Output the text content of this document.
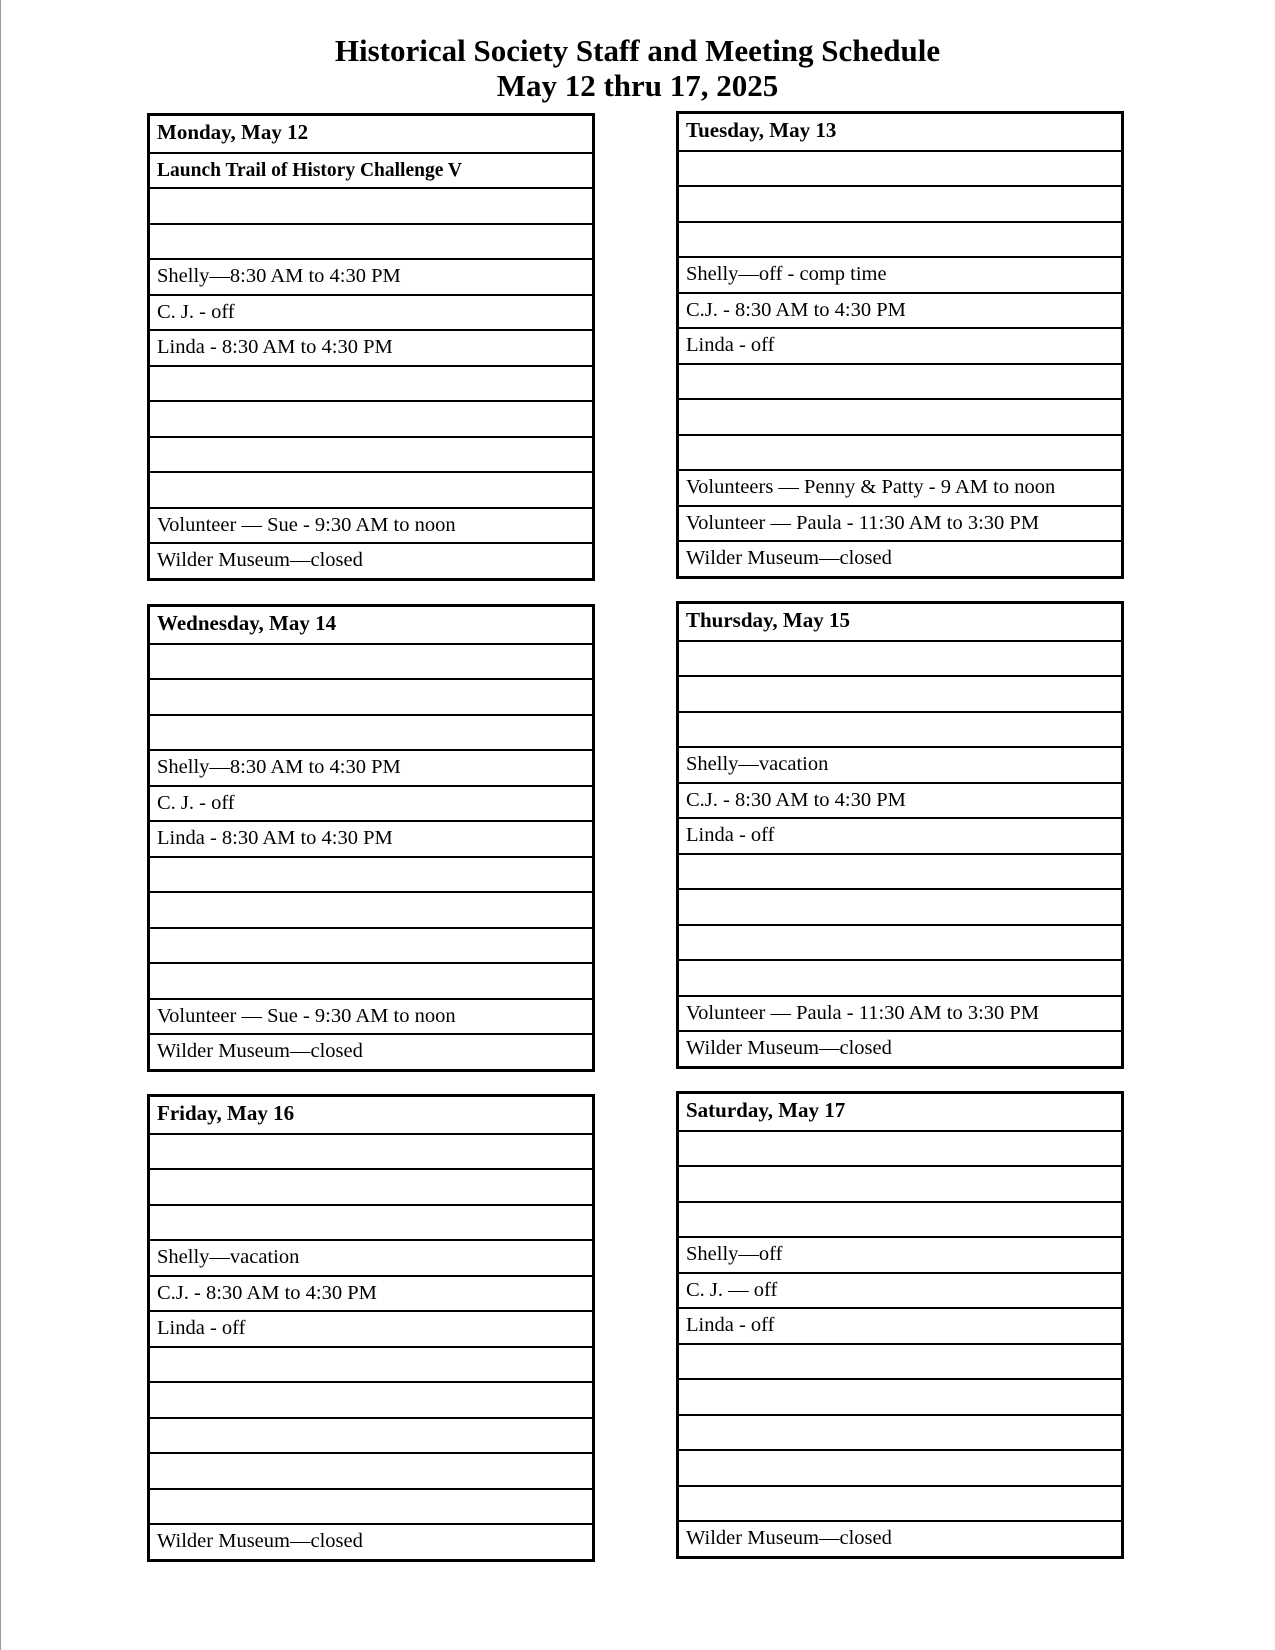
Historical Society Staff and Meeting Schedule
May 12 thru 17, 2025
Monday, May 12
Launch Trail of History Challenge V
Shelly—8:30 AM to 4:30 PM
C. J. - off
Linda - 8:30 AM to 4:30 PM
Volunteer — Sue - 9:30 AM to noon
Wilder Museum—closed
Tuesday, May 13
Shelly—off - comp time
C.J. - 8:30 AM to 4:30 PM
Linda - off
Volunteers — Penny & Patty - 9 AM to noon
Volunteer — Paula - 11:30 AM to 3:30 PM
Wilder Museum—closed
Wednesday, May 14
Shelly—8:30 AM to 4:30 PM
C. J. - off
Linda - 8:30 AM to 4:30 PM
Volunteer — Sue - 9:30 AM to noon
Wilder Museum—closed
Thursday, May 15
Shelly—vacation
C.J. - 8:30 AM to 4:30 PM
Linda - off
Volunteer — Paula - 11:30 AM to 3:30 PM
Wilder Museum—closed
Friday, May 16
Shelly—vacation
C.J. - 8:30 AM to 4:30 PM
Linda - off
Wilder Museum—closed
Saturday, May 17
Shelly—off
C. J. — off
Linda - off
Wilder Museum—closed
